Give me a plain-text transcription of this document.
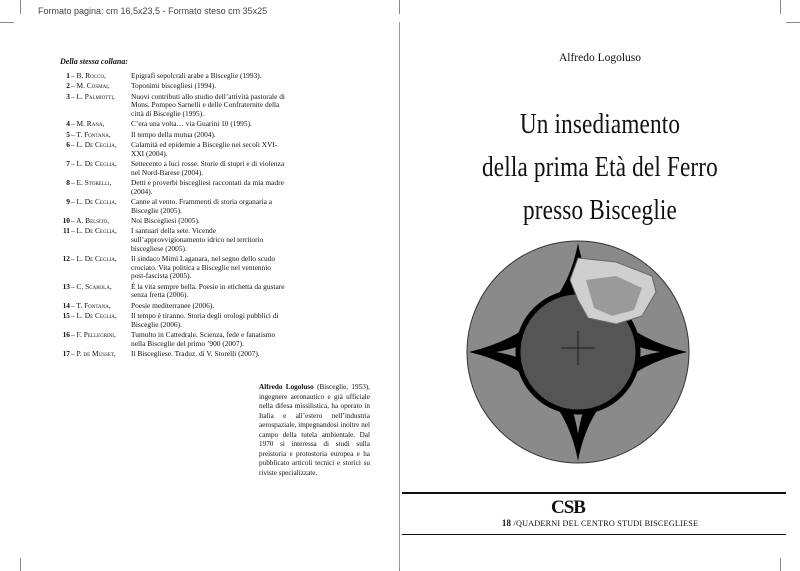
Formato pagina: cm 16,5x23,5 - Formato steso cm 35x25
Della stessa collana:
1 – B. Rocco,	Epigrafi sepolcrali arabe a Bisceglie (1993).
2 – M. Cosmai,	Toponimi biscegliesi (1994).
3 – L. Palmiotti,	Nuovi contributi allo studio dell’attività pastorale di Mons. Pompeo Sarnelli e delle Confraternite della città di Bisceglie (1995).
4 – M. Rana,	C’era una volta… via Guarini 10 (1995).
5 – T. Fontana,	Il tempo della mutua (2004).
6 – L. De Ceglia,	Calamità ed epidemie a Bisceglie nei secoli XVI-XXI (2004).
7 – L. De Ceglia,	Settecento a luci rosse. Storie di stupri e di violenza nel Nord-Barese (2004).
8 – E. Storelli,	Detti e proverbi biscegliesi raccontati da mia madre (2004).
9 – L. De Ceglia,	Canne al vento. Frammenti di storia organaria a Bisceglie (2005).
10 – A. Belsito,	Noi Biscegliesi (2005).
11 – L. De Ceglia,	I santuari della sete. Vicende sull’approvvigionamento idrico nel territorio biscegliese (2005).
12 – L. De Ceglia,	Il sindaco Mimì Laganara, nel segno dello scudo crociato. Vita politica a Bisceglie nel ventennio post-fascista (2005).
13 – C. Scarola,	È la vita sempre bella. Poesie in etichetta da gustare senza fretta (2006).
14 – T. Fontana,	Poesie mediterranee (2006).
15 – L. De Ceglia,	Il tempo è tiranno. Storia degli orologi pubblici di Bisceglie (2006).
16 – F. Pellegrini,	Tumulto in Cattedrale. Scienza, fede e fanatismo nella Bisceglie del primo ’900 (2007).
17 – P. de Musset,	Il Biscegliese. Traduz. di V. Storelli (2007).
Alfredo Logoluso (Bisceglie, 1953), ingegnere aeronautico e già ufficiale nella difesa missilistica, ha operato in Italia e all’estero nell’industria aerospaziale, impegnandosi inoltre nel campo della tutela ambientale. Dal 1970 si interessa di studi sulla preistoria e protostoria europea e ha pubblicato articoli tecnici e storici su riviste specializzate.
Alfredo Logoluso
Un insediamento
della prima Età del Ferro
presso Bisceglie
CSB
18 /QUADERNI DEL CENTRO STUDI BISCEGLIESE
